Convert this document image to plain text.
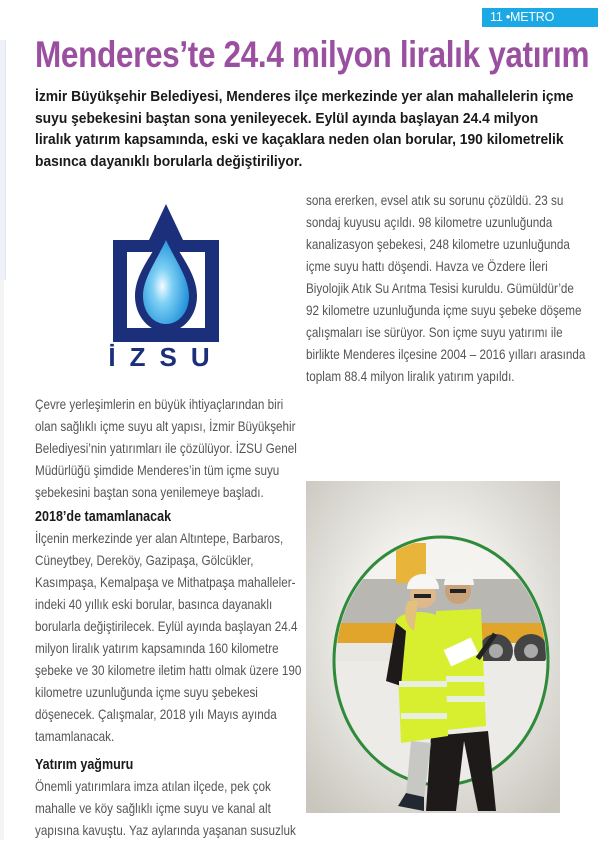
11 •METRO
Menderes’te 24.4 milyon liralık yatırım

İzmir Büyükşehir Belediyesi, Menderes ilçe merkezinde yer alan mahallelerin içme suyu şebekesini baştan sona yenileyecek. Eylül ayında başlayan 24.4 milyon liralık yatırım kapsamında, eski ve kaçaklara neden olan borular, 190 kilometrelik basınca dayanıklı borularla değiştiriliyor.

İZSU

sona ererken, evsel atık su sorunu çözüldü. 23 su sondaj kuyusu açıldı. 98 kilometre uzunluğunda kanalizasyon şebekesi, 248 kilometre uzunluğunda içme suyu hattı döşendi. Havza ve Özdere İleri Biyolojik Atık Su Arıtma Tesisi kuruldu. Gümüldür’de 92 kilometre uzunluğunda içme suyu şebeke döşeme çalışmaları ise sürüyor. Son içme suyu yatırımı ile birlikte Menderes ilçesine 2004 – 2016 yılları arasında toplam 88.4 milyon liralık yatırım yapıldı.

Çevre yerleşimlerin en büyük ihtiyaçlarından biri olan sağlıklı içme suyu alt yapısı, İzmir Büyükşehir Belediyesi’nin yatırımları ile çözülüyor. İZSU Genel Müdürlüğü şimdide Menderes’in tüm içme suyu şebekesini baştan sona yenilemeye başladı.

2018’de tamamlanacak

İlçenin merkezinde yer alan Altıntepe, Barbaros, Cüneytbey, Dereköy, Gazipaşa, Gölcükler, Kasımpaşa, Kemalpaşa ve Mithatpaşa mahalleler-indeki 40 yıllık eski borular, basınca dayanaklı borularla değiştirilecek. Eylül ayında başlayan 24.4 milyon liralık yatırım kapsamında 160 kilometre şebeke ve 30 kilometre iletim hattı olmak üzere 190 kilometre uzunluğunda içme suyu şebekesi döşenecek. Çalışmalar, 2018 yılı Mayıs ayında tamamlanacak.

Yatırım yağmuru

Önemli yatırımlara imza atılan ilçede, pek çok mahalle ve köy sağlıklı içme suyu ve kanal alt yapısına kavuştu. Yaz aylarında yaşanan susuzluk
